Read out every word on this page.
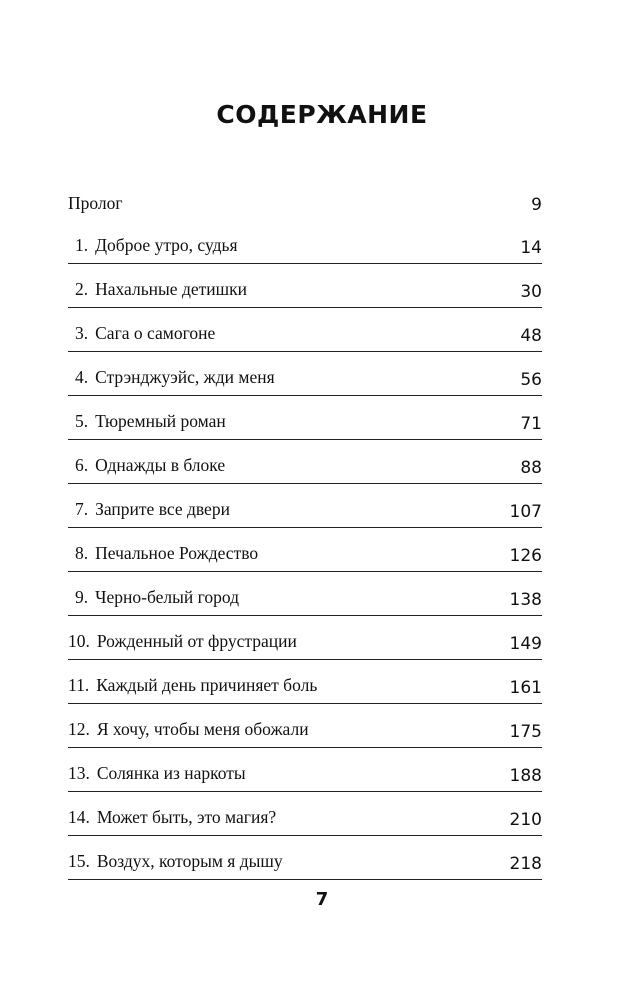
СОДЕРЖАНИЕ
Пролог	9
1. Доброе утро, судья	14
2. Нахальные детишки	30
3. Сага о самогоне	48
4. Стрэнджуэйс, жди меня	56
5. Тюремный роман	71
6. Однажды в блоке	88
7. Заприте все двери	107
8. Печальное Рождество	126
9. Черно-белый город	138
10. Рожденный от фрустрации	149
11. Каждый день причиняет боль	161
12. Я хочу, чтобы меня обожали	175
13. Солянка из наркоты	188
14. Может быть, это магия?	210
15. Воздух, которым я дышу	218
7
